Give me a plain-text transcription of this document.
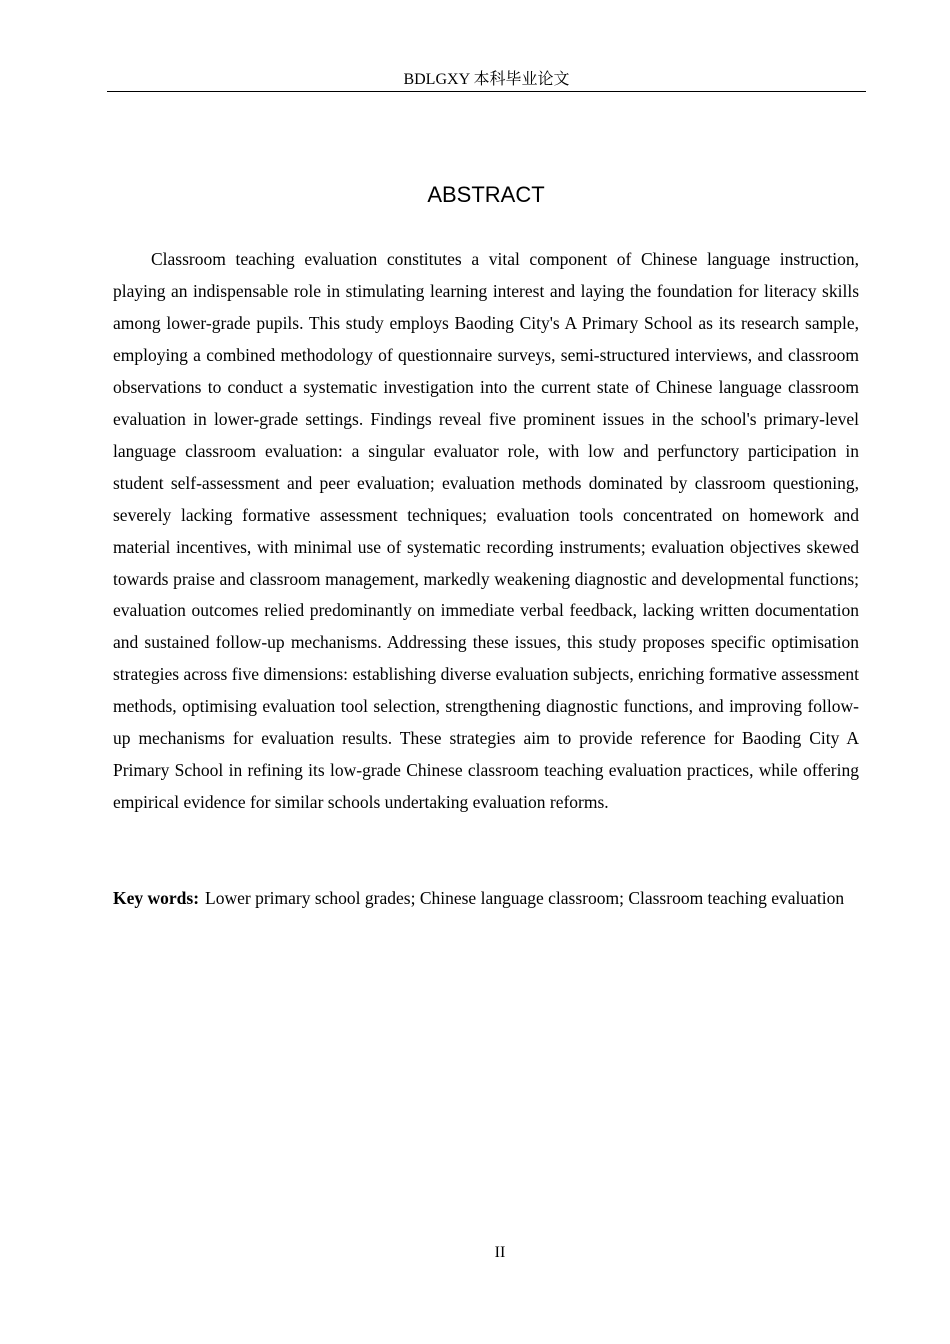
BDLGXY 本科毕业论文
ABSTRACT

Classroom teaching evaluation constitutes a vital component of Chinese language instruction, playing an indispensable role in stimulating learning interest and laying the foundation for literacy skills among lower-grade pupils. This study employs Baoding City's A Primary School as its research sample, employing a combined methodology of questionnaire surveys, semi-structured interviews, and classroom observations to conduct a systematic investigation into the current state of Chinese language classroom evaluation in lower-grade settings. Findings reveal five prominent issues in the school's primary-level language classroom evaluation: a singular evaluator role, with low and perfunctory participation in student self-assessment and peer evaluation; evaluation methods dominated by classroom questioning, severely lacking formative assessment techniques; evaluation tools concentrated on homework and material incentives, with minimal use of systematic recording instruments; evaluation objectives skewed towards praise and classroom management, markedly weakening diagnostic and developmental functions; evaluation outcomes relied predominantly on immediate verbal feedback, lacking written documentation and sustained follow-up mechanisms. Addressing these issues, this study proposes specific optimisation strategies across five dimensions: establishing diverse evaluation subjects, enriching formative assessment methods, optimising evaluation tool selection, strengthening diagnostic functions, and improving follow-up mechanisms for evaluation results. These strategies aim to provide reference for Baoding City A Primary School in refining its low-grade Chinese classroom teaching evaluation practices, while offering empirical evidence for similar schools undertaking evaluation reforms.

Key words: Lower primary school grades; Chinese language classroom; Classroom teaching evaluation

II
